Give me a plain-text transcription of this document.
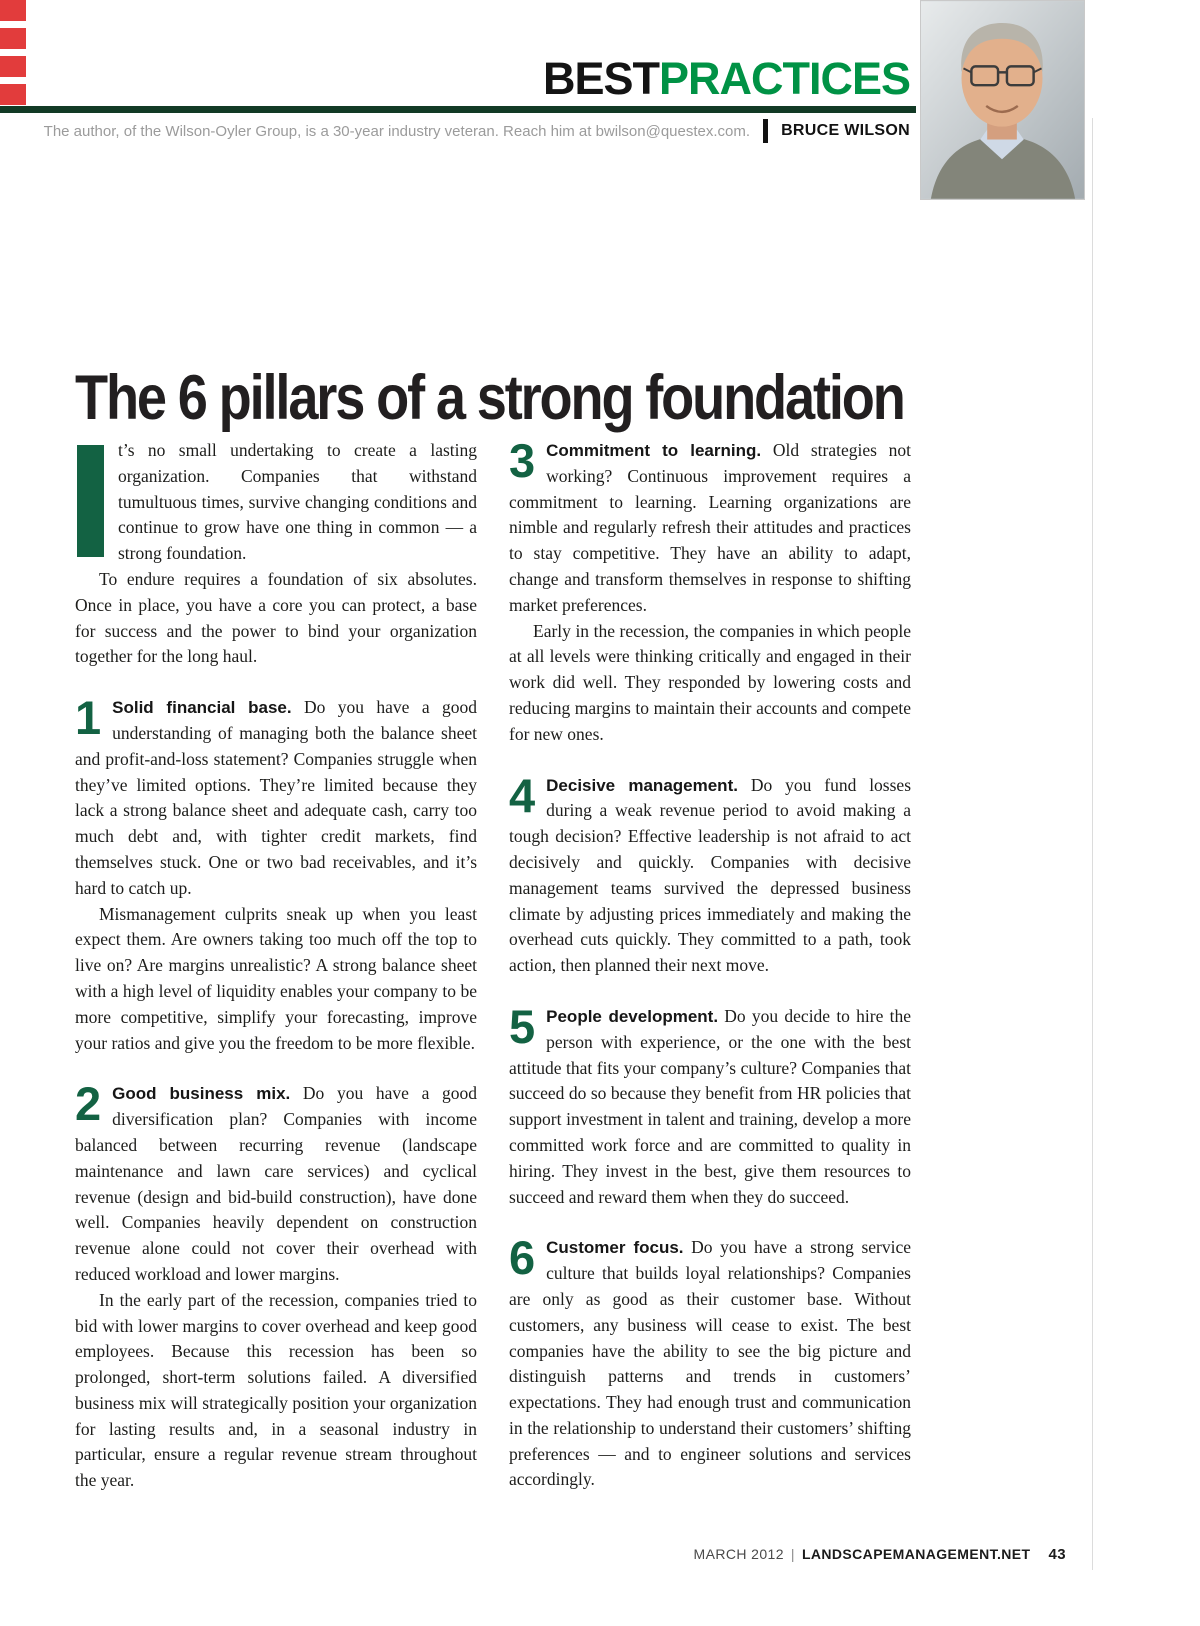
BESTPRACTICES
The author, of the Wilson-Oyler Group, is a 30-year industry veteran. Reach him at bwilson@questex.com. BRUCE WILSON
The 6 pillars of a strong foundation

t’s no small undertaking to create a lasting organization. Companies that withstand tumultuous times, survive changing conditions and continue to grow have one thing in common — a strong foundation.

To endure requires a foundation of six absolutes. Once in place, you have a core you can protect, a base for success and the power to bind your organization together for the long haul.

1 Solid financial base. Do you have a good understanding of managing both the balance sheet and profit-and-loss statement? Companies struggle when they’ve limited options. They’re limited because they lack a strong balance sheet and adequate cash, carry too much debt and, with tighter credit markets, find themselves stuck. One or two bad receivables, and it’s hard to catch up.

Mismanagement culprits sneak up when you least expect them. Are owners taking too much off the top to live on? Are margins unrealistic? A strong balance sheet with a high level of liquidity enables your company to be more competitive, simplify your forecasting, improve your ratios and give you the freedom to be more flexible.

2 Good business mix. Do you have a good diversification plan? Companies with income balanced between recurring revenue (landscape maintenance and lawn care services) and cyclical revenue (design and bid-build construction), have done well. Companies heavily dependent on construction revenue alone could not cover their overhead with reduced workload and lower margins.

In the early part of the recession, companies tried to bid with lower margins to cover overhead and keep good employees. Because this recession has been so prolonged, short-term solutions failed. A diversified business mix will strategically position your organization for lasting results and, in a seasonal industry in particular, ensure a regular revenue stream throughout the year.

3 Commitment to learning. Old strategies not working? Continuous improvement requires a commitment to learning. Learning organizations are nimble and regularly refresh their attitudes and practices to stay competitive. They have an ability to adapt, change and transform themselves in response to shifting market preferences.

Early in the recession, the companies in which people at all levels were thinking critically and engaged in their work did well. They responded by lowering costs and reducing margins to maintain their accounts and compete for new ones.

4 Decisive management. Do you fund losses during a weak revenue period to avoid making a tough decision? Effective leadership is not afraid to act decisively and quickly. Companies with decisive management teams survived the depressed business climate by adjusting prices immediately and making the overhead cuts quickly. They committed to a path, took action, then planned their next move.

5 People development. Do you decide to hire the person with experience, or the one with the best attitude that fits your company’s culture? Companies that succeed do so because they benefit from HR policies that support investment in talent and training, develop a more committed work force and are committed to quality in hiring. They invest in the best, give them resources to succeed and reward them when they do succeed.

6 Customer focus. Do you have a strong service culture that builds loyal relationships? Companies are only as good as their customer base. Without customers, any business will cease to exist. The best companies have the ability to see the big picture and distinguish patterns and trends in customers’ expectations. They had enough trust and communication in the relationship to understand their customers’ shifting preferences — and to engineer solutions and services accordingly.

MARCH 2012 | LANDSCAPEMANAGEMENT.NET 43
